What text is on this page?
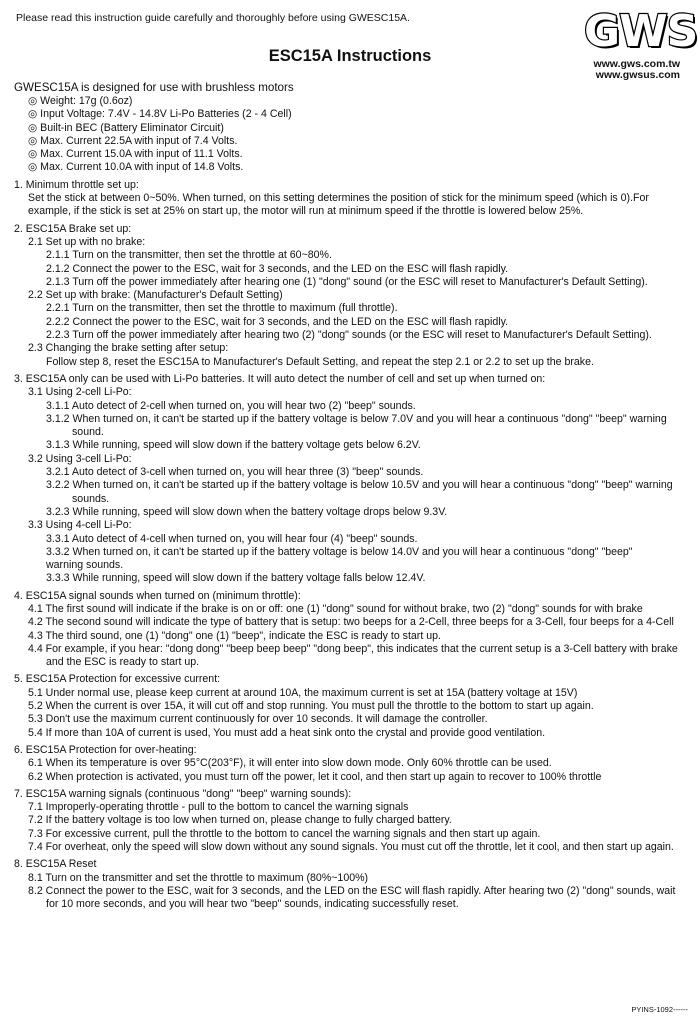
Please read this instruction guide carefully and thoroughly before using GWESC15A.	GWS
www.gws.com.tw
www.gwsus.com
ESC15A Instructions
GWESC15A is designed for use with brushless motors
◎ Weight: 17g (0.6oz)
◎ Input Voltage: 7.4V - 14.8V Li-Po Batteries (2 - 4 Cell)
◎ Built-in BEC (Battery Eliminator Circuit)
◎ Max. Current 22.5A with input of 7.4 Volts.
◎ Max. Current 15.0A with input of 11.1 Volts.
◎ Max. Current 10.0A with input of 14.8 Volts.
1. Minimum throttle set up:
Set the stick at between 0~50%. When turned, on this setting determines the position of stick for the minimum speed (which is 0).For
example, if the stick is set at 25% on start up, the motor will run at minimum speed if the throttle is lowered below 25%.
2. ESC15A Brake set up:
2.1 Set up with no brake:
2.1.1 Turn on the transmitter, then set the throttle at 60~80%.
2.1.2 Connect the power to the ESC, wait for 3 seconds, and the LED on the ESC will flash rapidly.
2.1.3 Turn off the power immediately after hearing one (1) "dong" sound (or the ESC will reset to Manufacturer's Default Setting).
2.2 Set up with brake: (Manufacturer's Default Setting)
2.2.1 Turn on the transmitter, then set the throttle to maximum (full throttle).
2.2.2 Connect the power to the ESC, wait for 3 seconds, and the LED on the ESC will flash rapidly.
2.2.3 Turn off the power immediately after hearing two (2) "dong" sounds (or the ESC will reset to Manufacturer's Default Setting).
2.3 Changing the brake setting after setup:
Follow step 8, reset the ESC15A to Manufacturer's Default Setting, and repeat the step 2.1 or 2.2 to set up the brake.
3. ESC15A only can be used with Li-Po batteries. It will auto detect the number of cell and set up when turned on:
3.1 Using 2-cell Li-Po:
3.1.1 Auto detect of 2-cell when turned on, you will hear two (2) "beep" sounds.
3.1.2 When turned on, it can't be started up if the battery voltage is below 7.0V and you will hear a continuous "dong" "beep" warning sound.
3.1.3 While running, speed will slow down if the battery voltage gets below 6.2V.
3.2 Using 3-cell Li-Po:
3.2.1 Auto detect of 3-cell when turned on, you will hear three (3) "beep" sounds.
3.2.2 When turned on, it can't be started up if the battery voltage is below 10.5V and you will hear a continuous "dong" "beep" warning sounds.
3.2.3 While running, speed will slow down when the battery voltage drops below 9.3V.
3.3 Using 4-cell Li-Po:
3.3.1 Auto detect of 4-cell when turned on, you will hear four (4) "beep" sounds.
3.3.2 When turned on, it can't be started up if the battery voltage is below 14.0V and you will hear a continuous "dong" "beep"
warning sounds.
3.3.3 While running, speed will slow down if the battery voltage falls below 12.4V.
4. ESC15A signal sounds when turned on (minimum throttle):
4.1 The first sound will indicate if the brake is on or off: one (1) "dong" sound for without brake, two (2) "dong" sounds for with brake
4.2 The second sound will indicate the type of battery that is setup: two beeps for a 2-Cell, three beeps for a 3-Cell, four beeps for a 4-Cell
4.3 The third sound, one (1) "dong" one (1) "beep", indicate the ESC is ready to start up.
4.4 For example, if you hear: "dong dong" "beep beep beep" "dong beep", this indicates that the current setup is a 3-Cell battery with brake and the ESC is ready to start up.
5. ESC15A Protection for excessive current:
5.1 Under normal use, please keep current at around 10A, the maximum current is set at 15A (battery voltage at 15V)
5.2 When the current is over 15A, it will cut off and stop running. You must pull the throttle to the bottom to start up again.
5.3 Don't use the maximum current continuously for over 10 seconds. It will damage the controller.
5.4 If more than 10A of current is used, You must add a heat sink onto the crystal and provide good ventilation.
6. ESC15A Protection for over-heating:
6.1 When its temperature is over 95°C(203°F), it will enter into slow down mode. Only 60% throttle can be used.
6.2 When protection is activated, you must turn off the power, let it cool, and then start up again to recover to 100% throttle
7. ESC15A warning signals (continuous "dong" "beep" warning sounds):
7.1 Improperly-operating throttle - pull to the bottom to cancel the warning signals
7.2 If the battery voltage is too low when turned on, please change to fully charged battery.
7.3 For excessive current, pull the throttle to the bottom to cancel the warning signals and then start up again.
7.4 For overheat, only the speed will slow down without any sound signals. You must cut off the throttle, let it cool, and then start up again.
8. ESC15A Reset
8.1 Turn on the transmitter and set the throttle to maximum (80%~100%)
8.2 Connect the power to the ESC, wait for 3 seconds, and the LED on the ESC will flash rapidly. After hearing two (2) "dong" sounds, wait for 10 more seconds, and you will hear two "beep" sounds, indicating successfully reset.
PYINS-1092------
